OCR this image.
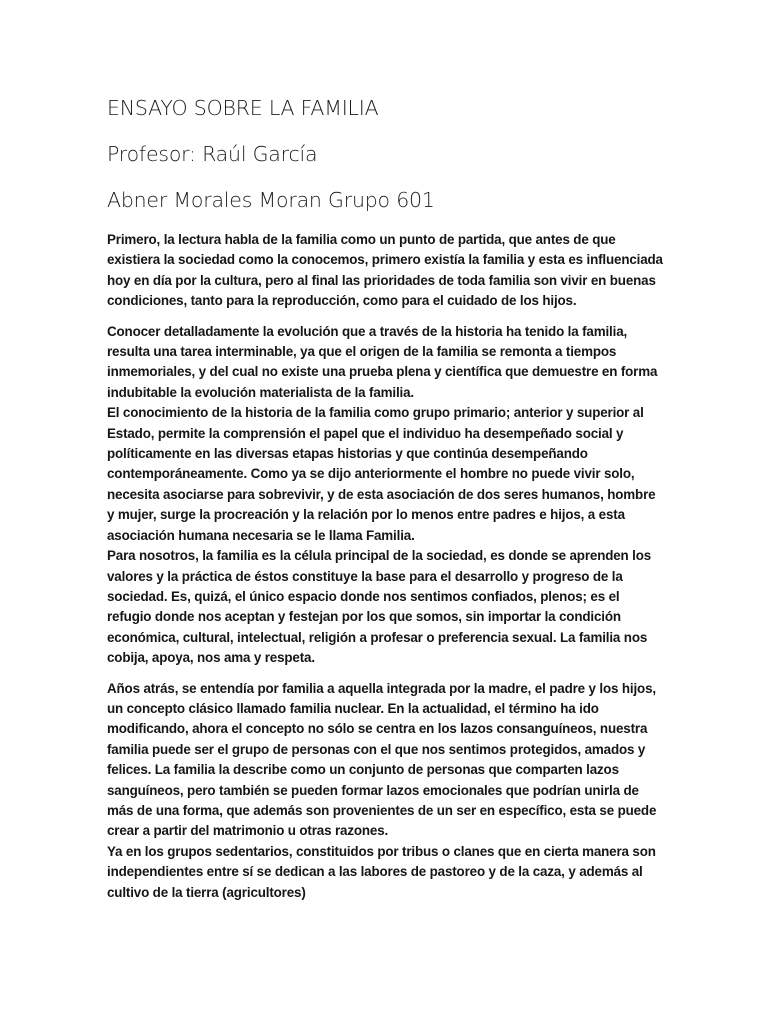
ENSAYO SOBRE LA FAMILIA
Profesor: Raúl García
Abner Morales Moran Grupo 601

Primero, la lectura habla de la familia como un punto de partida, que antes de que existiera la sociedad como la conocemos, primero existía la familia y esta es influenciada hoy en día por la cultura, pero al final las prioridades de toda familia son vivir en buenas condiciones, tanto para la reproducción, como para el cuidado de los hijos.

Conocer detalladamente la evolución que a través de la historia ha tenido la familia, resulta una tarea interminable, ya que el origen de la familia se remonta a tiempos inmemoriales, y del cual no existe una prueba plena y científica que demuestre en forma indubitable la evolución materialista de la familia.

El conocimiento de la historia de la familia como grupo primario; anterior y superior al Estado, permite la comprensión el papel que el individuo ha desempeñado social y políticamente en las diversas etapas historias y que continúa desempeñando contemporáneamente. Como ya se dijo anteriormente el hombre no puede vivir solo, necesita asociarse para sobrevivir, y de esta asociación de dos seres humanos, hombre y mujer, surge la procreación y la relación por lo menos entre padres e hijos, a esta asociación humana necesaria se le llama Familia.

Para nosotros, la familia es la célula principal de la sociedad, es donde se aprenden los valores y la práctica de éstos constituye la base para el desarrollo y progreso de la sociedad. Es, quizá, el único espacio donde nos sentimos confiados, plenos; es el refugio donde nos aceptan y festejan por los que somos, sin importar la condición económica, cultural, intelectual, religión a profesar o preferencia sexual. La familia nos cobija, apoya, nos ama y respeta.

Años atrás, se entendía por familia a aquella integrada por la madre, el padre y los hijos, un concepto clásico llamado familia nuclear. En la actualidad, el término ha ido modificando, ahora el concepto no sólo se centra en los lazos consanguíneos, nuestra familia puede ser el grupo de personas con el que nos sentimos protegidos, amados y felices. La familia la describe como un conjunto de personas que comparten lazos sanguíneos, pero también se pueden formar lazos emocionales que podrían unirla de más de una forma, que además son provenientes de un ser en específico, esta se puede crear a partir del matrimonio u otras razones.

Ya en los grupos sedentarios, constituidos por tribus o clanes que en cierta manera son independientes entre sí se dedican a las labores de pastoreo y de la caza, y además al cultivo de la tierra (agricultores)
